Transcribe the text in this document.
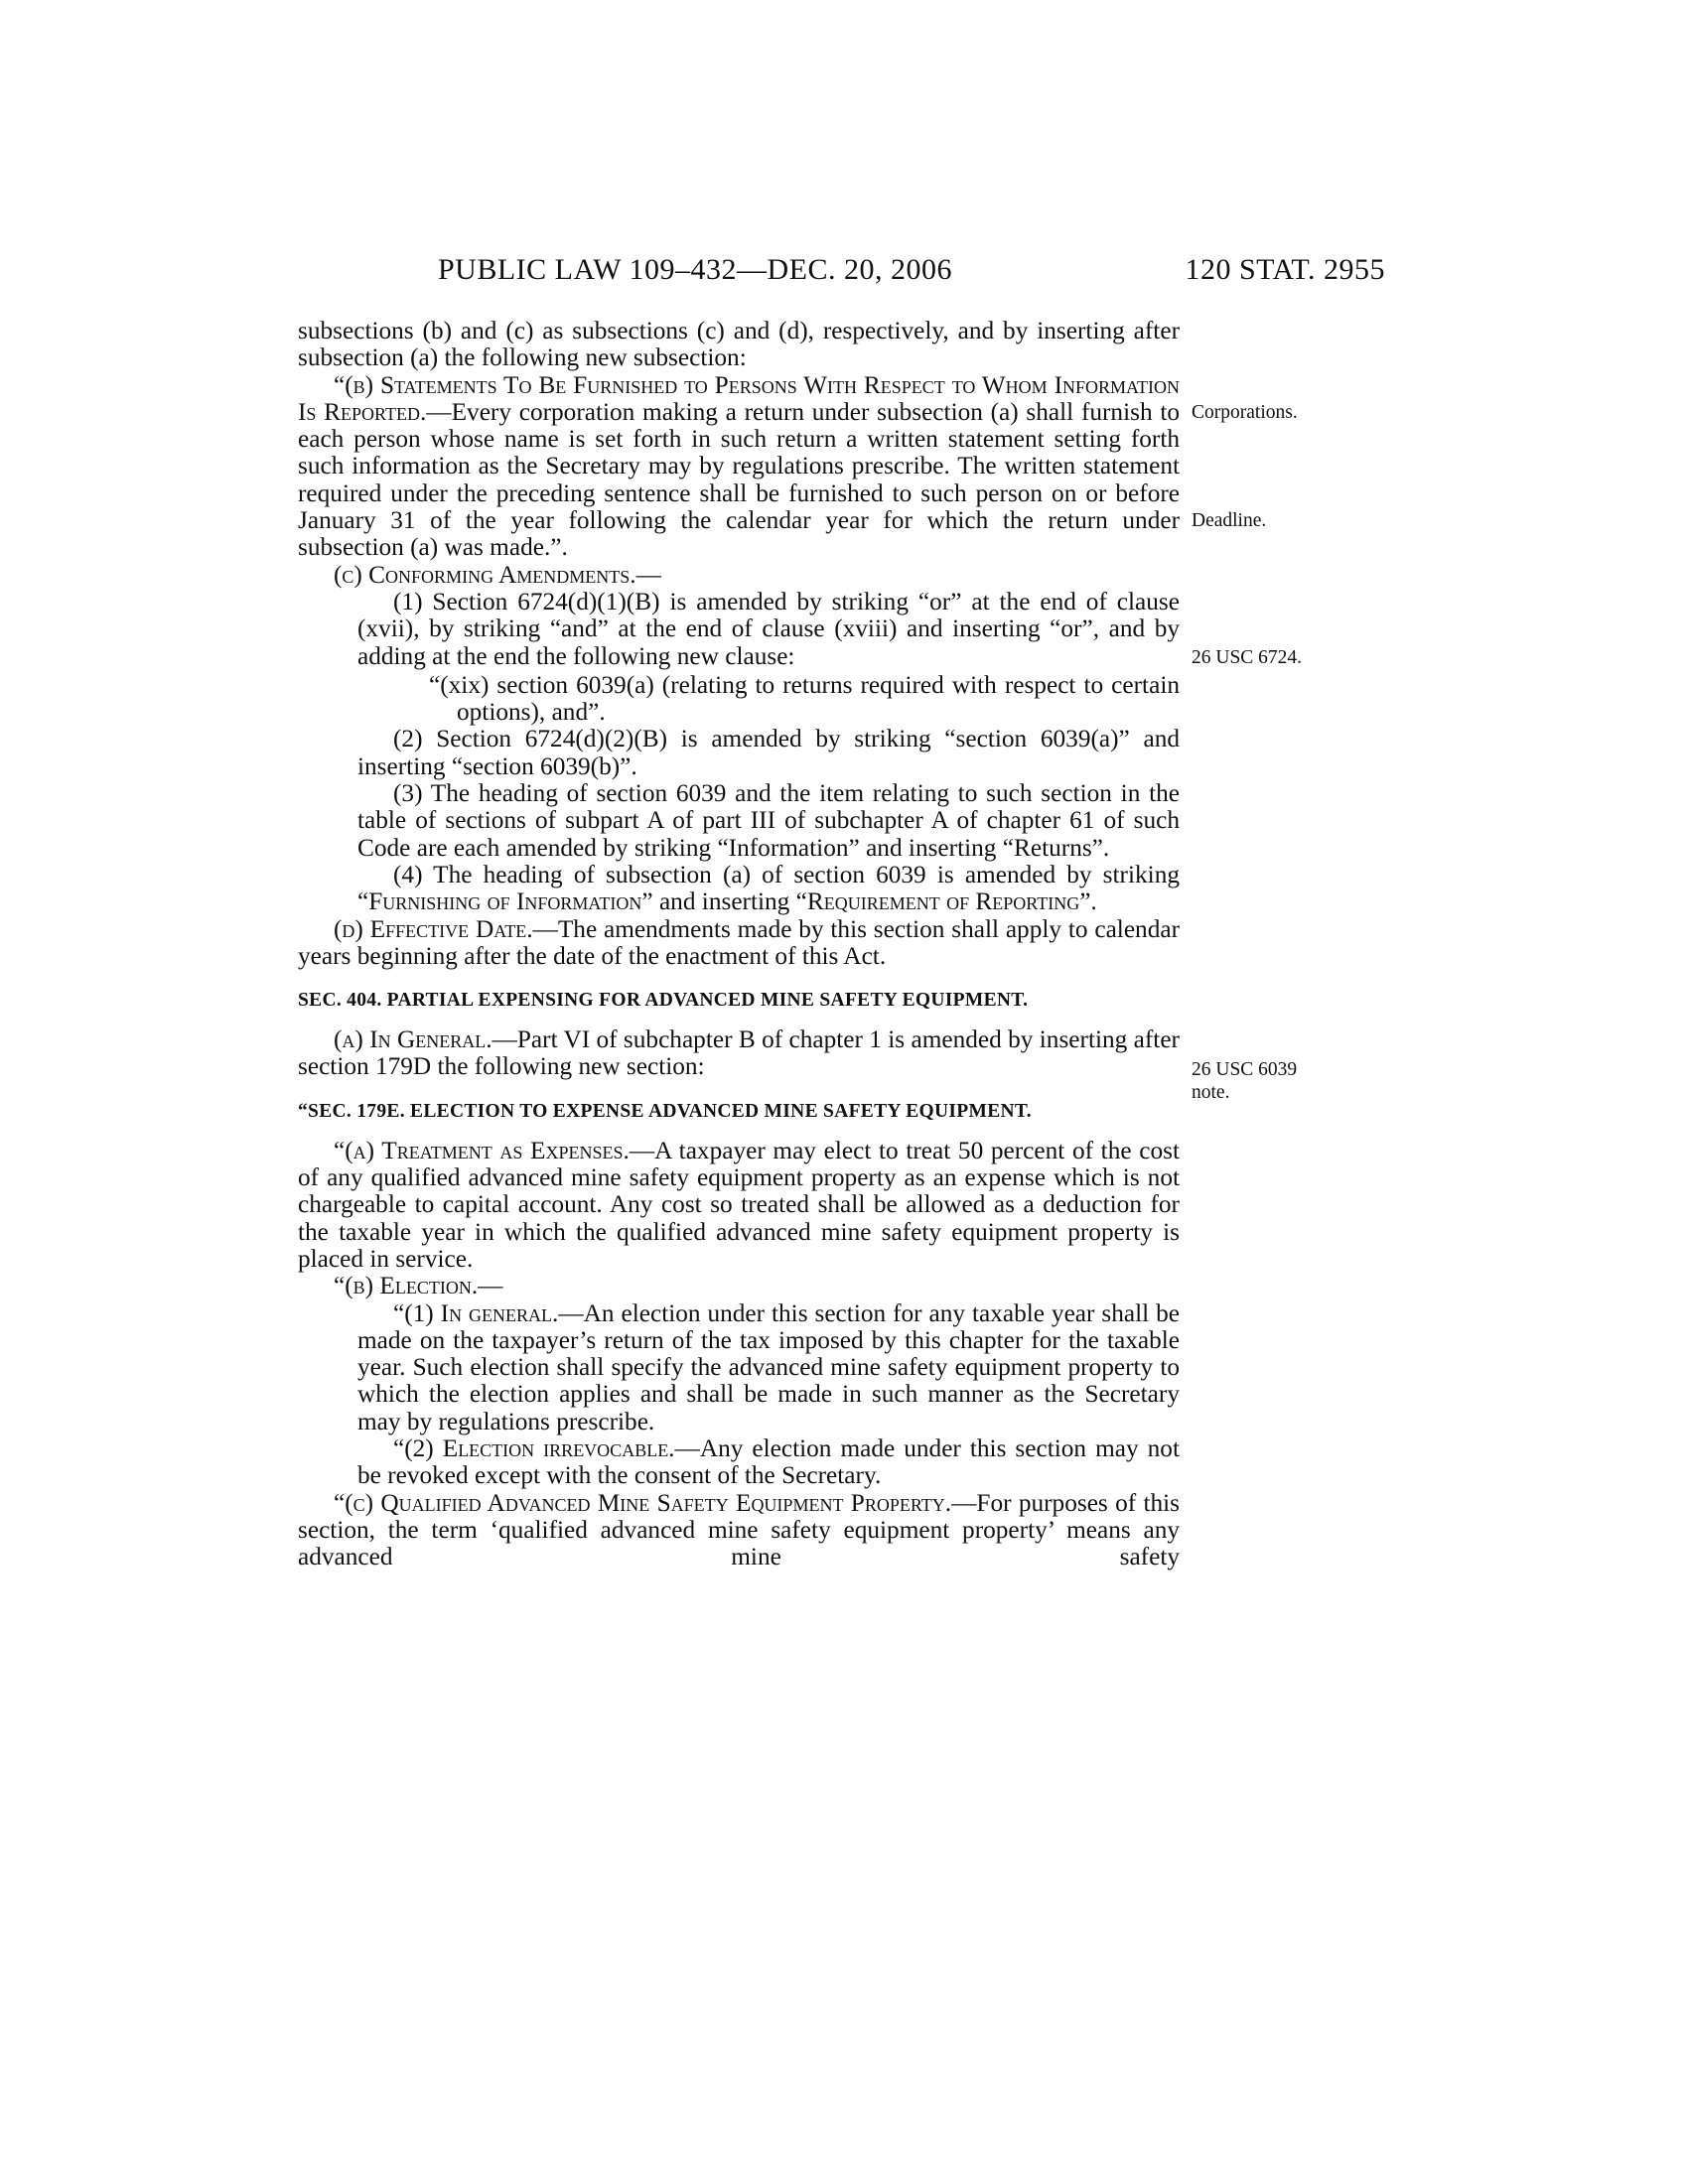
PUBLIC LAW 109–432—DEC. 20, 2006	120 STAT. 2955
Corporations.
Deadline.
26 USC 6724.
26 USC 6039
note.

subsections (b) and (c) as subsections (c) and (d), respectively, and by inserting after subsection (a) the following new subsection:

“(b) Statements To Be Furnished to Persons With Respect to Whom Information Is Reported.—Every corporation making a return under subsection (a) shall furnish to each person whose name is set forth in such return a written statement setting forth such information as the Secretary may by regulations prescribe. The written statement required under the preceding sentence shall be furnished to such person on or before January 31 of the year following the calendar year for which the return under subsection (a) was made.”.

(c) Conforming Amendments.—

(1) Section 6724(d)(1)(B) is amended by striking “or” at the end of clause (xvii), by striking “and” at the end of clause (xviii) and inserting “or”, and by adding at the end the following new clause:

“(xix) section 6039(a) (relating to returns required with respect to certain options), and”.

(2) Section 6724(d)(2)(B) is amended by striking “section 6039(a)” and inserting “section 6039(b)”.

(3) The heading of section 6039 and the item relating to such section in the table of sections of subpart A of part III of subchapter A of chapter 61 of such Code are each amended by striking “Information” and inserting “Returns”.

(4) The heading of subsection (a) of section 6039 is amended by striking “Furnishing of Information” and inserting “Requirement of Reporting”.

(d) Effective Date.—The amendments made by this section shall apply to calendar years beginning after the date of the enactment of this Act.

SEC. 404. PARTIAL EXPENSING FOR ADVANCED MINE SAFETY EQUIPMENT.

(a) In General.—Part VI of subchapter B of chapter 1 is amended by inserting after section 179D the following new section:

“SEC. 179E. ELECTION TO EXPENSE ADVANCED MINE SAFETY EQUIPMENT.

“(a) Treatment as Expenses.—A taxpayer may elect to treat 50 percent of the cost of any qualified advanced mine safety equipment property as an expense which is not chargeable to capital account. Any cost so treated shall be allowed as a deduction for the taxable year in which the qualified advanced mine safety equipment property is placed in service.

“(b) Election.—

“(1) In general.—An election under this section for any taxable year shall be made on the taxpayer’s return of the tax imposed by this chapter for the taxable year. Such election shall specify the advanced mine safety equipment property to which the election applies and shall be made in such manner as the Secretary may by regulations prescribe.

“(2) Election irrevocable.—Any election made under this section may not be revoked except with the consent of the Secretary.

“(c) Qualified Advanced Mine Safety Equipment Property.—For purposes of this section, the term ‘qualified advanced mine safety equipment property’ means any advanced mine safety
